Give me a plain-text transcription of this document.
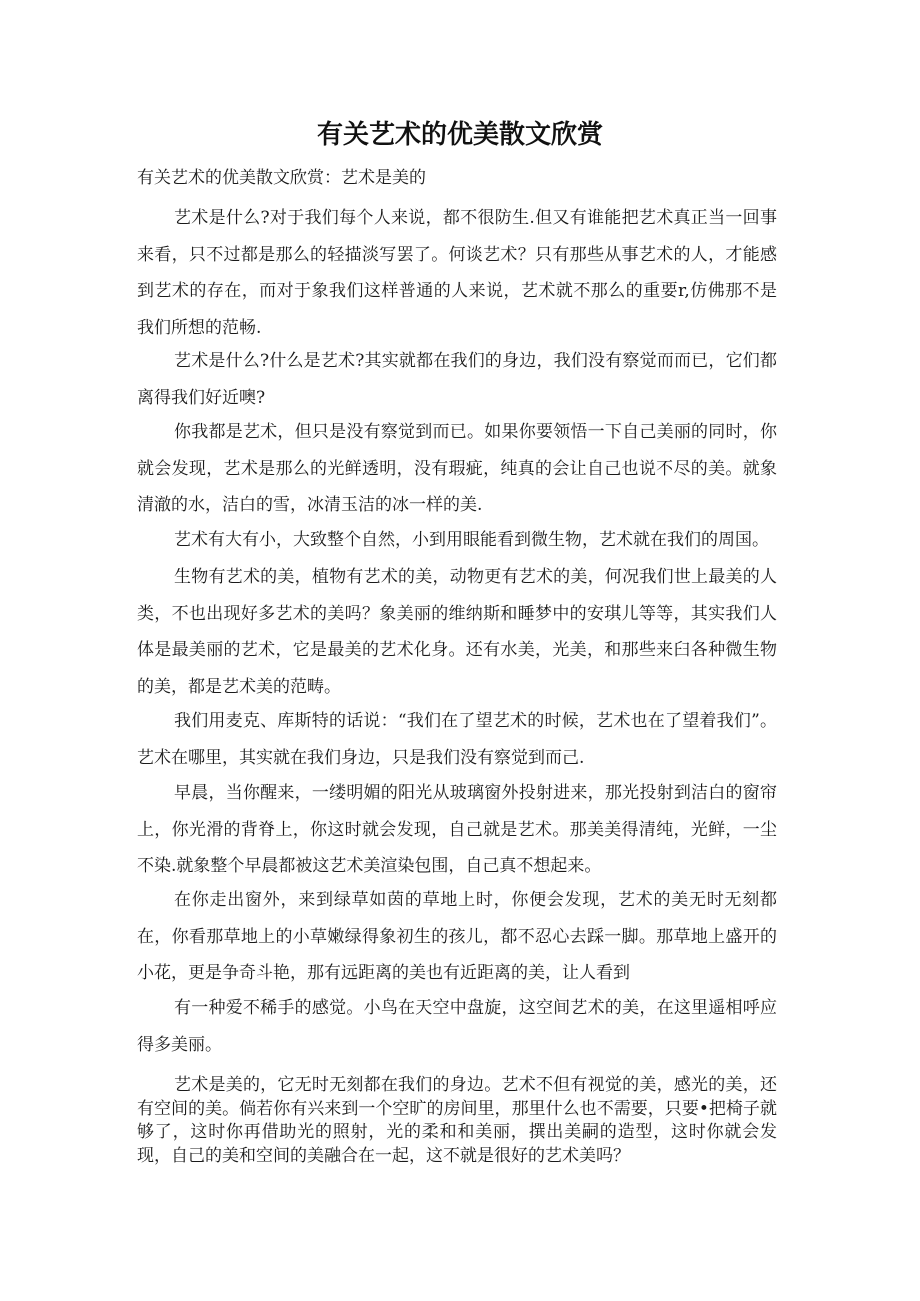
有关艺术的优美散文欣赏

有关艺术的优美散文欣赏：艺术是美的

艺术是什么?对于我们每个人来说，都不很防生.但又有谁能把艺术真正当一回事来看，只不过都是那么的轻描淡写罢了。何谈艺术？只有那些从事艺术的人，才能感到艺术的存在，而对于象我们这样普通的人来说，艺术就不那么的重要r,仿佛那不是我们所想的范畅.

艺术是什么?什么是艺术?其实就都在我们的身边，我们没有察觉而而已，它们都离得我们好近噢?

你我都是艺术，但只是没有察觉到而已。如果你要领悟一下自己美丽的同时，你就会发现，艺术是那么的光鲜透明，没有瑕疵，纯真的会让自己也说不尽的美。就象清澈的水，洁白的雪，冰清玉洁的冰一样的美.

艺术有大有小，大致整个自然，小到用眼能看到微生物，艺术就在我们的周国。

生物有艺术的美，植物有艺术的美，动物更有艺术的美，何况我们世上最美的人类，不也出现好多艺术的美吗？象美丽的维纳斯和睡梦中的安琪儿等等，其实我们人体是最美丽的艺术，它是最美的艺术化身。还有水美，光美，和那些来臼各种微生物的美，都是艺术美的范畴。

我们用麦克、库斯特的话说：“我们在了望艺术的时候，艺术也在了望着我们”。艺术在哪里，其实就在我们身边，只是我们没有察觉到而己.

早晨，当你醒来，一缕明媚的阳光从玻璃窗外投射进来，那光投射到洁白的窗帘上，你光滑的背脊上，你这时就会发现，自己就是艺术。那美美得清纯，光鲜，一尘不染.就象整个早晨都被这艺术美渲染包围，自己真不想起来。

在你走出窗外，来到绿草如茵的草地上时，你便会发现，艺术的美无时无刻都在，你看那草地上的小草嫩绿得象初生的孩儿，都不忍心去踩一脚。那草地上盛开的小花，更是争奇斗艳，那有远距离的美也有近距离的美，让人看到

有一种爱不稀手的感觉。小鸟在天空中盘旋，这空间艺术的美，在这里遥相呼应得多美丽。

艺术是美的，它无时无刻都在我们的身边。艺术不但有视觉的美，感光的美，还有空间的美。倘若你有兴来到一个空旷的房间里，那里什么也不需要，只要•把椅子就够了，这时你再借助光的照射，光的柔和和美丽，撰出美嗣的造型，这时你就会发现，自己的美和空间的美融合在一起，这不就是很好的艺术美吗？
